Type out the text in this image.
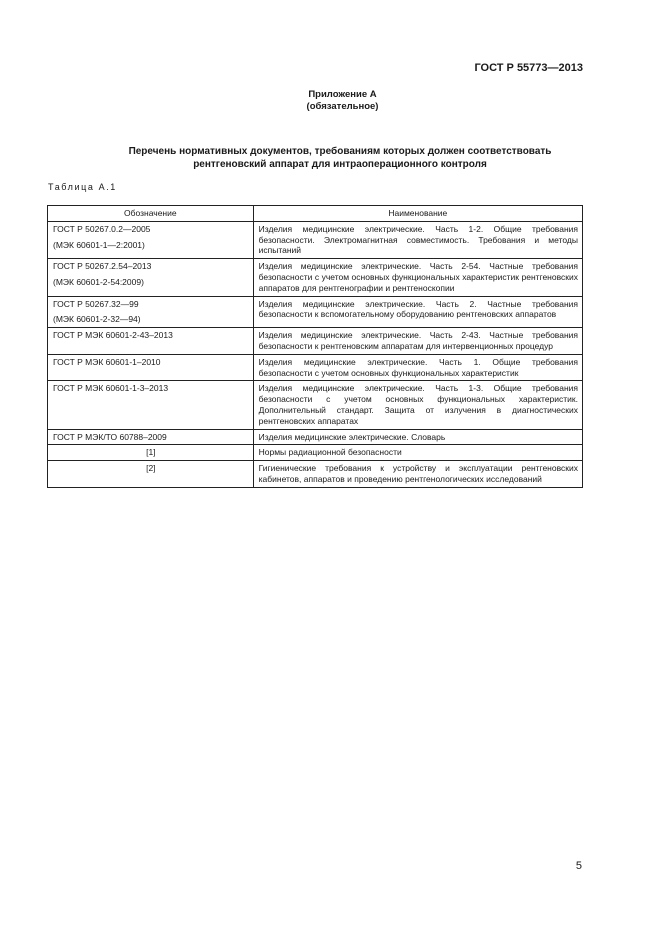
ГОСТ Р 55773—2013
Приложение А
(обязательное)
Перечень нормативных документов, требованиям которых должен соответствовать
рентгеновский аппарат для интраоперационного контроля
Таблица А.1
Обозначение	Наименование

ГОСТ Р 50267.0.2—2005
(МЭК 60601-1—2:2001)	Изделия медицинские электрические. Часть 1-2. Общие требования безопасности. Электромагнитная совместимость. Требования и методы испытаний

ГОСТ Р 50267.2.54–2013
(МЭК 60601-2-54:2009)	Изделия медицинские электрические. Часть 2-54. Частные требования безопасности с учетом основных функциональных характеристик рентгеновских аппаратов для рентгенографии и рентгеноскопии

ГОСТ Р 50267.32—99
(МЭК 60601-2-32—94)	Изделия медицинские электрические. Часть 2. Частные требования безопасности к вспомогательному оборудованию рентгеновских аппаратов
ГОСТ Р МЭК 60601-2-43–2013	Изделия медицинские электрические. Часть 2-43. Частные требования безопасности к рентгеновским аппаратам для интервенционных процедур
ГОСТ Р МЭК 60601-1–2010	Изделия медицинские электрические. Часть 1. Общие требования безопасности с учетом основных функциональных характеристик
ГОСТ Р МЭК 60601-1-3–2013	Изделия медицинские электрические. Часть 1-3. Общие требования безопасности с учетом основных функциональных характеристик. Дополнительный стандарт. Защита от излучения в диагностических рентгеновских аппаратах
ГОСТ Р МЭК/ТО 60788–2009	Изделия медицинские электрические. Словарь
[1]	Нормы радиационной безопасности
[2]	Гигиенические требования к устройству и эксплуатации рентгеновских кабинетов, аппаратов и проведению рентгенологических исследований
5
